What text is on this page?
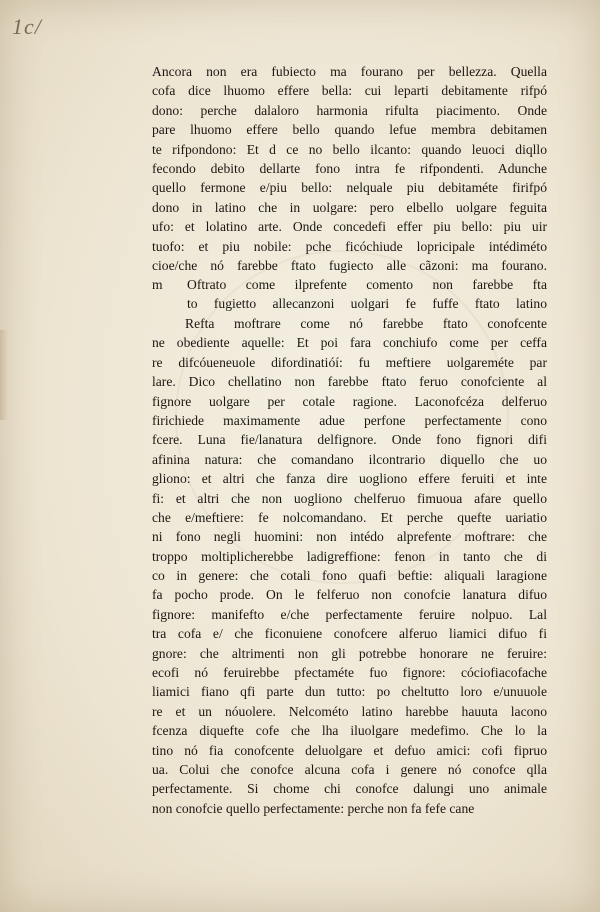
1c/
Ancora non era fubiecto ma fourano per bellezza. Quella
cofa dice lhuomo effere bella: cui leparti debitamente rifpó
dono: perche dalaloro harmonia rifulta piacimento. Onde
pare lhuomo effere bello quando lefue membra debitamen
te rifpondono: Et d ce no bello ilcanto: quando leuoci diqllo
fecondo debito dellarte fono intra fe rifpondenti. Adunche
quello fermone e/piu bello: nelquale piu debitaméte firifpó
dono in latino che in uolgare: pero elbello uolgare feguita
ufo: et lolatino arte. Onde concedefi effer piu bello: piu uir
tuofo: et piu nobile: pche ficóchiude lopricipale intédiméto
cioe/che nó farebbe ftato fugiecto alle cãzoni: ma fourano.
m	Oftrato come ilprefente comento non farebbe fta
to fugietto allecanzoni uolgari fe fuffe ftato latino
Refta moftrare come nó farebbe ftato conofcente
ne obediente aquelle: Et poi fara conchiufo come per ceffa
re difcóueneuole difordinatióí: fu meftiere uolgareméte par
lare. Dico chellatino non farebbe ftato feruo conofciente al
fignore uolgare per cotale ragione. Laconofcéza delferuo
firichiede maximamente adue perfone perfectamente cono
fcere. Luna fie/lanatura delfignore. Onde fono fignori difi
afinina natura: che comandano ilcontrario diquello che uo
gliono: et altri che fanza dire uogliono effere feruiti et inte
fi: et altri che non uogliono chelferuo fimuoua afare quello
che e/meftiere: fe nolcomandano. Et perche quefte uariatio
ni fono negli huomini: non intédo alprefente moftrare: che
troppo moltiplicherebbe ladigreffione: fenon in tanto che di
co in genere: che cotali fono quafi beftie: aliquali laragione
fa pocho prode. On le felferuo non conofcie lanatura difuo
fignore: manifefto e/che perfectamente feruire nolpuo. Lal
tra cofa e/ che ficonuiene conofcere alferuo liamici difuo fi
gnore: che altrimenti non gli potrebbe honorare ne feruire:
ecofi nó feruirebbe pfectaméte fuo fignore: cóciofiacofache
liamici fiano qfi parte dun tutto: po cheltutto loro e/unuuole
re et un nóuolere. Nelcométo latino harebbe hauuta lacono
fcenza diquefte cofe che lha iluolgare medefimo. Che lo la
tino nó fia conofcente deluolgare et defuo amici: cofi fipruo
ua. Colui che conofce alcuna cofa i genere nó conofce qlla
perfectamente. Si chome chi conofce dalungi uno animale
non conofcie quello perfectamente: perche non fa fefe cane
